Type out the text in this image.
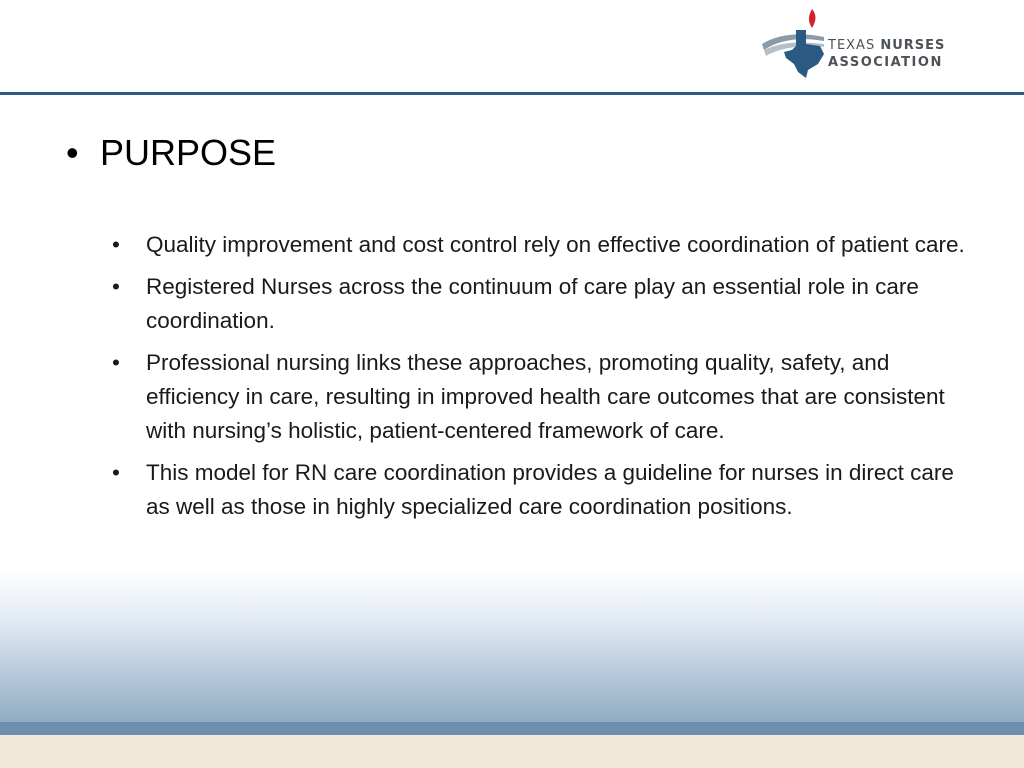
TEXAS NURSES
ASSOCIATION
• PURPOSE
• Quality improvement and cost control rely on effective coordination of patient care.
• Registered Nurses across the continuum of care play an essential role in care coordination.
• Professional nursing links these approaches, promoting quality, safety, and efficiency in care, resulting in improved health care outcomes that are consistent with nursing’s holistic, patient-centered framework of care.
• This model for RN care coordination provides a guideline for nurses in direct care as well as those in highly specialized care coordination positions.
